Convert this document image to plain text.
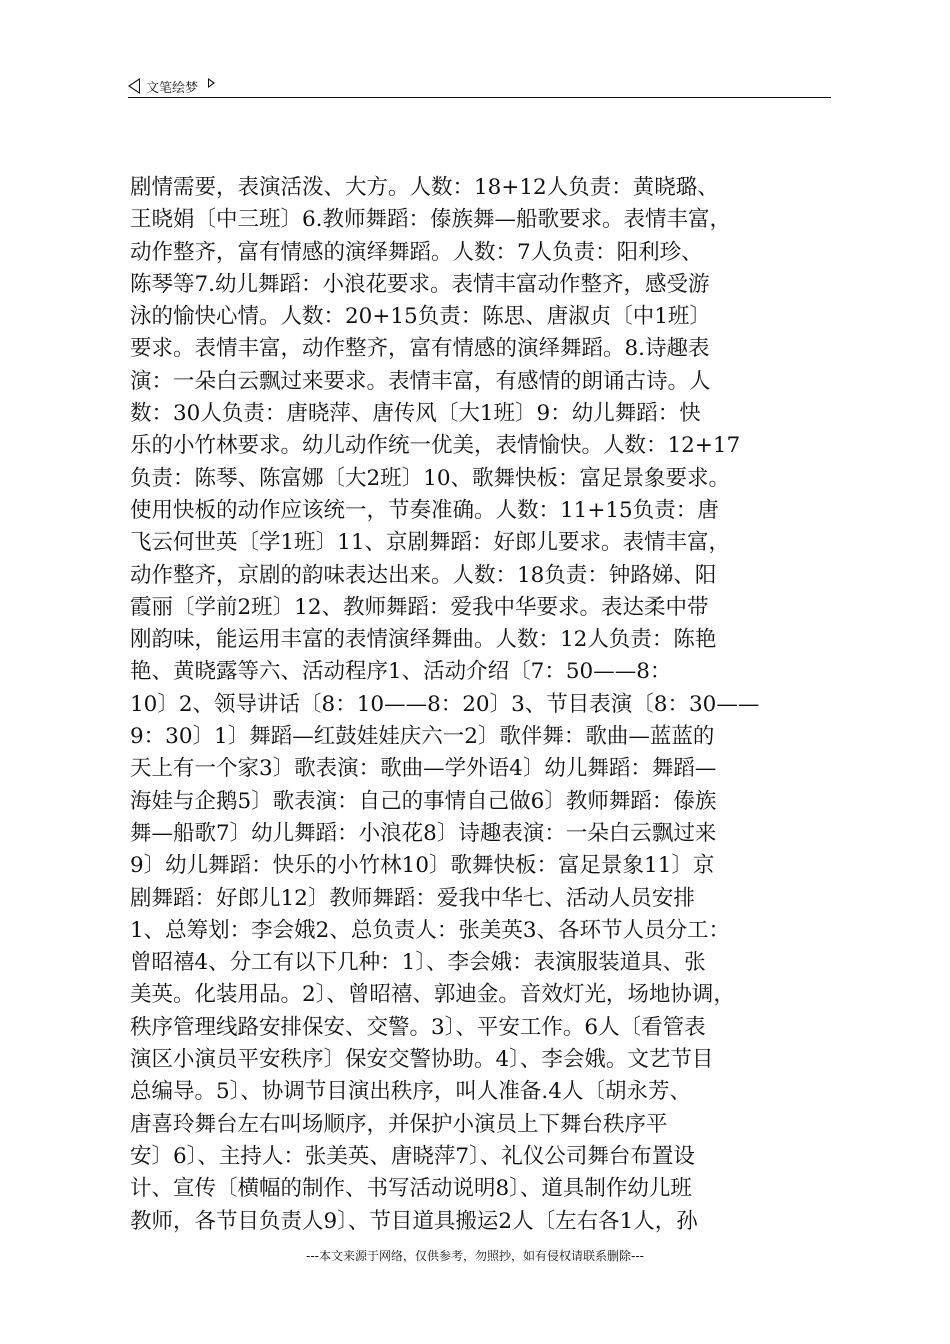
文笔绘梦
剧情需要，表演活泼、大方。人数：18+12人负责：黄晓璐、
王晓娟〔中三班〕6.教师舞蹈：傣族舞—船歌要求。表情丰富，
动作整齐，富有情感的演绎舞蹈。人数：7人负责：阳利珍、
陈琴等7.幼儿舞蹈：小浪花要求。表情丰富动作整齐，感受游
泳的愉快心情。人数：20+15负责：陈思、唐淑贞〔中1班〕
要求。表情丰富，动作整齐，富有情感的演绎舞蹈。8.诗趣表
演：一朵白云飘过来要求。表情丰富，有感情的朗诵古诗。人
数：30人负责：唐晓萍、唐传风〔大1班〕9：幼儿舞蹈：快
乐的小竹林要求。幼儿动作统一优美，表情愉快。人数：12+17
负责：陈琴、陈富娜〔大2班〕10、歌舞快板：富足景象要求。
使用快板的动作应该统一，节奏准确。人数：11+15负责：唐
飞云何世英〔学1班〕11、京剧舞蹈：好郎儿要求。表情丰富，
动作整齐，京剧的韵味表达出来。人数：18负责：钟路娣、阳
霞丽〔学前2班〕12、教师舞蹈：爱我中华要求。表达柔中带
刚韵味，能运用丰富的表情演绎舞曲。人数：12人负责：陈艳
艳、黄晓露等六、活动程序1、活动介绍〔7：50——8：
10〕2、领导讲话〔8：10——8：20〕3、节目表演〔8：30——
9：30〕1〕舞蹈—红鼓娃娃庆六一2〕歌伴舞：歌曲—蓝蓝的
天上有一个家3〕歌表演：歌曲—学外语4〕幼儿舞蹈：舞蹈—
海娃与企鹅5〕歌表演：自己的事情自己做6〕教师舞蹈：傣族
舞—船歌7〕幼儿舞蹈：小浪花8〕诗趣表演：一朵白云飘过来
9〕幼儿舞蹈：快乐的小竹林10〕歌舞快板：富足景象11〕京
剧舞蹈：好郎儿12〕教师舞蹈：爱我中华七、活动人员安排
1、总筹划：李会娥2、总负责人：张美英3、各环节人员分工：
曾昭禧4、分工有以下几种：1〕、李会娥：表演服装道具、张
美英。化装用品。2〕、曾昭禧、郭迪金。音效灯光，场地协调，
秩序管理线路安排保安、交警。3〕、平安工作。6人〔看管表
演区小演员平安秩序〕保安交警协助。4〕、李会娥。文艺节目
总编导。5〕、协调节目演出秩序，叫人准备.4人〔胡永芳、
唐喜玲舞台左右叫场顺序，并保护小演员上下舞台秩序平
安〕6〕、主持人：张美英、唐晓萍7〕、礼仪公司舞台布置设
计、宣传〔横幅的制作、书写活动说明8〕、道具制作幼儿班
教师，各节目负责人9〕、节目道具搬运2人〔左右各1人，孙
---本文来源于网络，仅供参考，勿照抄，如有侵权请联系删除---
